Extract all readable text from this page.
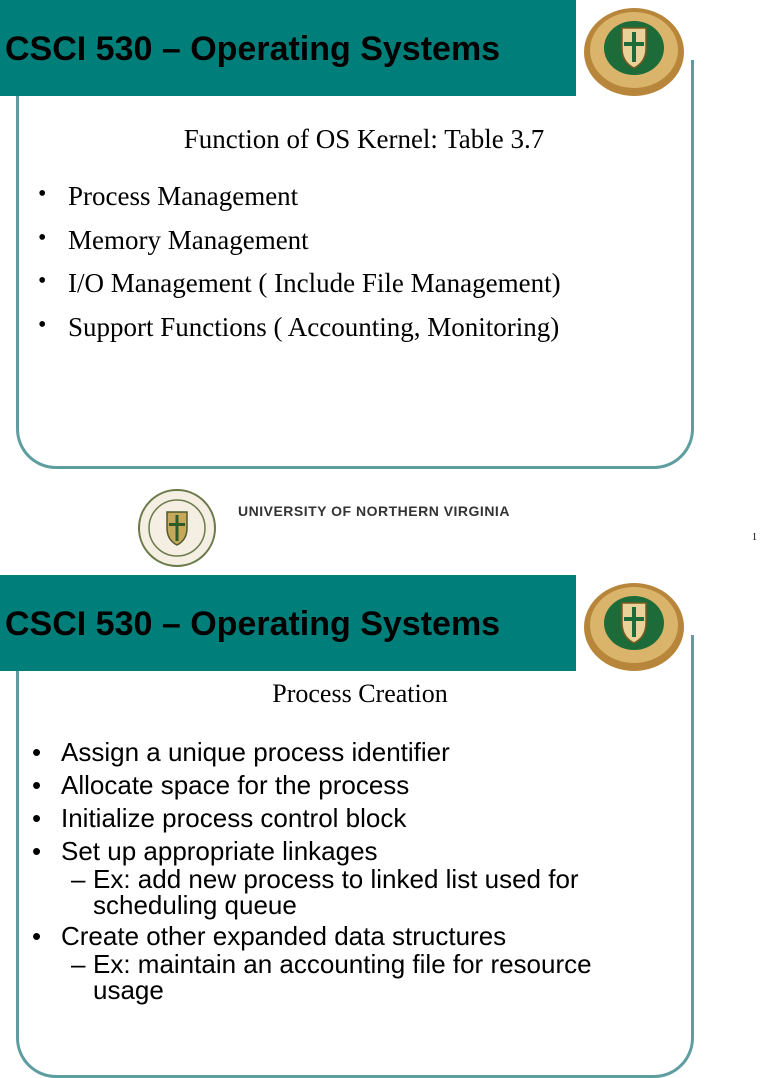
CSCI 530 – Operating Systems
Function of OS Kernel: Table 3.7
• Process Management
• Memory Management
• I/O Management ( Include File Management)
• Support Functions ( Accounting, Monitoring)
UNIVERSITY OF NORTHERN VIRGINIA
1
CSCI 530 – Operating Systems
Process Creation
• Assign a unique process identifier
• Allocate space for the process
• Initialize process control block
• Set up appropriate linkages
– Ex: add new process to linked list used for scheduling queue
• Create other expanded data structures
– Ex: maintain an accounting file for resource usage
